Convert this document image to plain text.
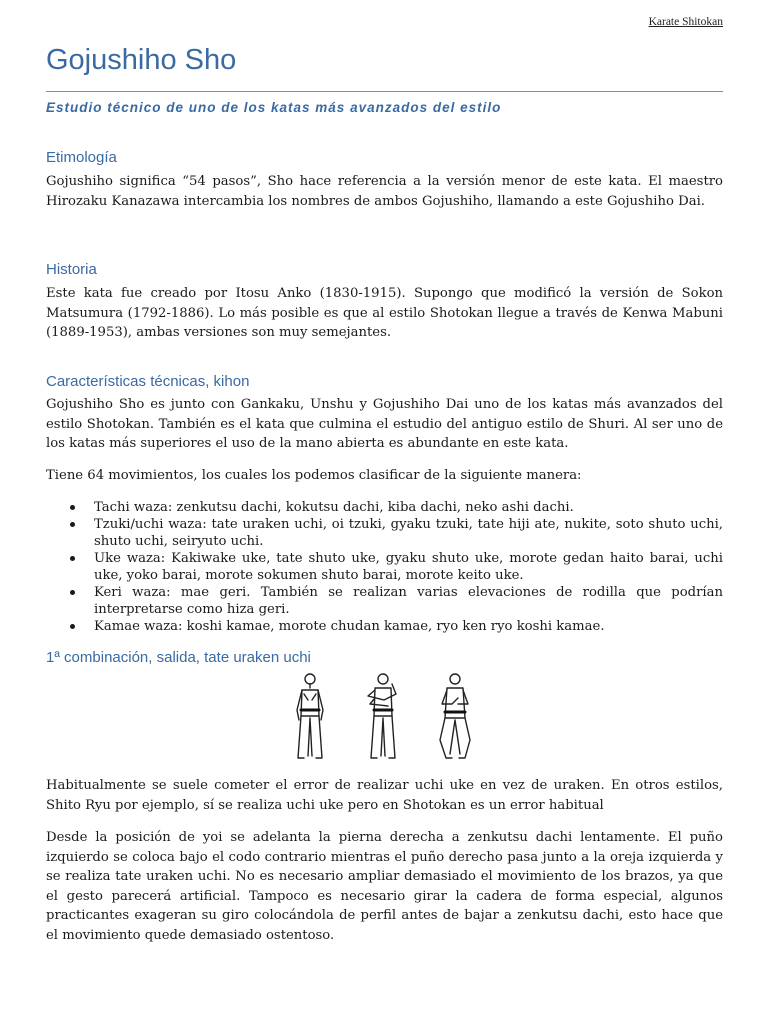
Karate Shitokan
Gojushiho Sho
Estudio técnico de uno de los katas más avanzados del estilo
Etimología

Gojushiho significa “54 pasos”, Sho hace referencia a la versión menor de este kata. El maestro Hirozaku Kanazawa intercambia los nombres de ambos Gojushiho, llamando a este Gojushiho Dai.

Historia

Este kata fue creado por Itosu Anko (1830-1915). Supongo que modificó la versión de Sokon Matsumura (1792-1886). Lo más posible es que al estilo Shotokan llegue a través de Kenwa Mabuni (1889-1953), ambas versiones son muy semejantes.

Características técnicas, kihon

Gojushiho Sho es junto con Gankaku, Unshu y Gojushiho Dai uno de los katas más avanzados del estilo Shotokan. También es el kata que culmina el estudio del antiguo estilo de Shuri. Al ser uno de los katas más superiores el uso de la mano abierta es abundante en este kata.

Tiene 64 movimientos, los cuales los podemos clasificar de la siguiente manera:

Tachi waza: zenkutsu dachi, kokutsu dachi, kiba dachi, neko ashi dachi.
Tzuki/uchi waza: tate uraken uchi, oi tzuki, gyaku tzuki, tate hiji ate, nukite, soto shuto uchi, shuto uchi, seiryuto uchi.
Uke waza: Kakiwake uke, tate shuto uke, gyaku shuto uke, morote gedan haito barai, uchi uke, yoko barai, morote sokumen shuto barai, morote keito uke.
Keri waza: mae geri. También se realizan varias elevaciones de rodilla que podrían interpretarse como hiza geri.
Kamae waza: koshi kamae, morote chudan kamae, ryo ken ryo koshi kamae.
1ª combinación, salida, tate uraken uchi

Habitualmente se suele cometer el error de realizar uchi uke en vez de uraken. En otros estilos, Shito Ryu por ejemplo, sí se realiza uchi uke pero en Shotokan es un error habitual

Desde la posición de yoi se adelanta la pierna derecha a zenkutsu dachi lentamente. El puño izquierdo se coloca bajo el codo contrario mientras el puño derecho pasa junto a la oreja izquierda y se realiza tate uraken uchi. No es necesario ampliar demasiado el movimiento de los brazos, ya que el gesto parecerá artificial. Tampoco es necesario girar la cadera de forma especial, algunos practicantes exageran su giro colocándola de perfil antes de bajar a zenkutsu dachi, esto hace que el movimiento quede demasiado ostentoso.
